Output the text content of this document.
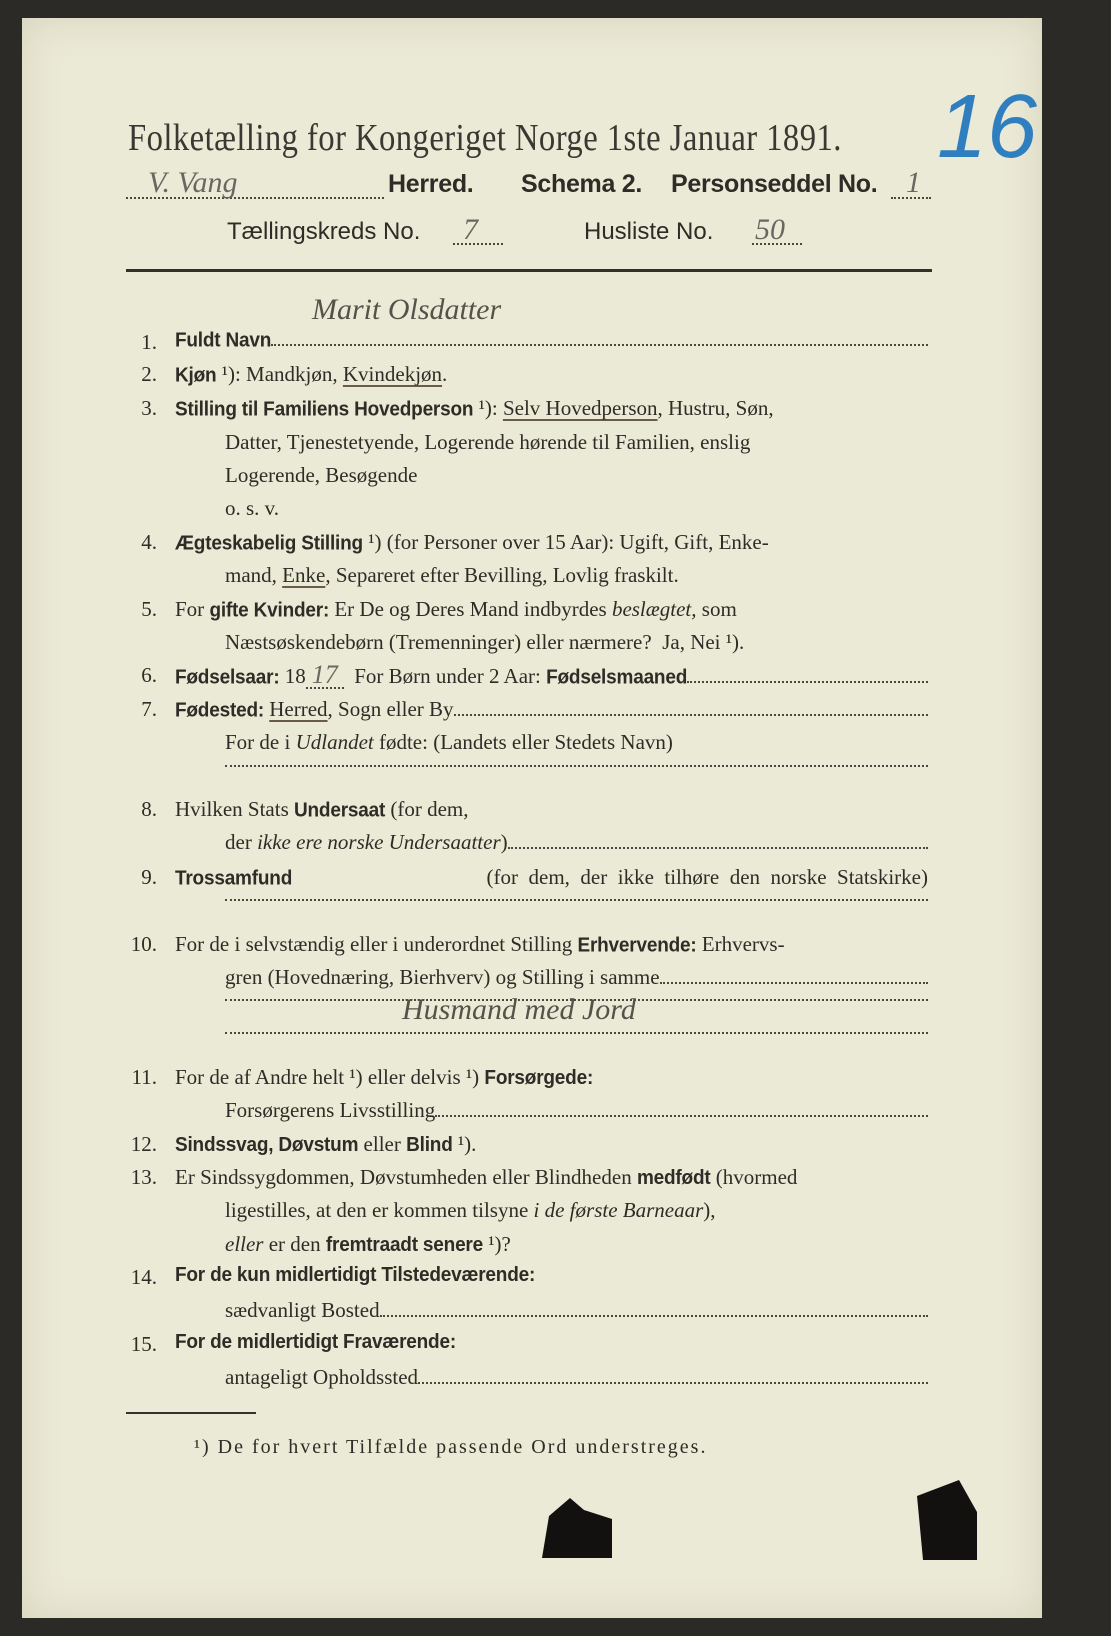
Folketælling for Kongeriget Norge 1ste Januar 1891. 16
V. Vang	Herred. Schema 2. Personseddel No. 1
Tællingskreds No. 7	Husliste No. 50
1. Fuldt Navn
2. Kjøn ¹): Mandkjøn, Kvindekjøn .
3. Stilling til Familiens Hovedperson ¹): Selv Hovedperson , Hustru, Søn,
Datter, Tjenestetyende, Logerende hørende til Familien, enslig
Logerende, Besøgende
o. s. v.
4. Ægteskabelig Stilling ¹) (for Personer over 15 Aar): Ugift, Gift, Enke-
mand, Enke , Separeret efter Bevilling, Lovlig fraskilt.
5. For gifte Kvinder: Er De og Deres Mand indbyrdes beslægtet, som
Næstsøskendebørn (Tremenninger) eller nærmere?  Ja, Nei ¹).
6. Fødselsaar: 18 17 For Børn under 2 Aar: Fødselsmaaned
7. Fødested:
Herred , Sogn eller By
For de i Udlandet fødte: (Landets eller Stedets Navn)
8. Hvilken Stats Undersaat (for dem,
der ikke ere norske Undersaatter )
9. Trossamfund	(for  dem,  der  ikke  tilhøre  den  norske  Statskirke)
10. For de i selvstændig eller i underordnet Stilling Erhvervende: Erhvervs-
gren (Hovednæring, Bierhverv) og Stilling i samme
11. For de af Andre helt ¹) eller delvis ¹) Forsørgede:
Forsørgerens Livsstilling
12. Sindssvag, Døvstum eller Blind ¹).
13. Er Sindssygdommen, Døvstumheden eller Blindheden medfødt (hvormed
ligestilles, at den er kommen tilsyne i de første Barneaar ),
eller er den fremtraadt senere ¹)?
14. For de kun midlertidigt Tilstedeværende:
sædvanligt Bosted
15. For de midlertidigt Fraværende:
antageligt Opholdssted
Marit Olsdatter
Husmand med Jord
¹) De for hvert Tilfælde passende Ord understreges.
